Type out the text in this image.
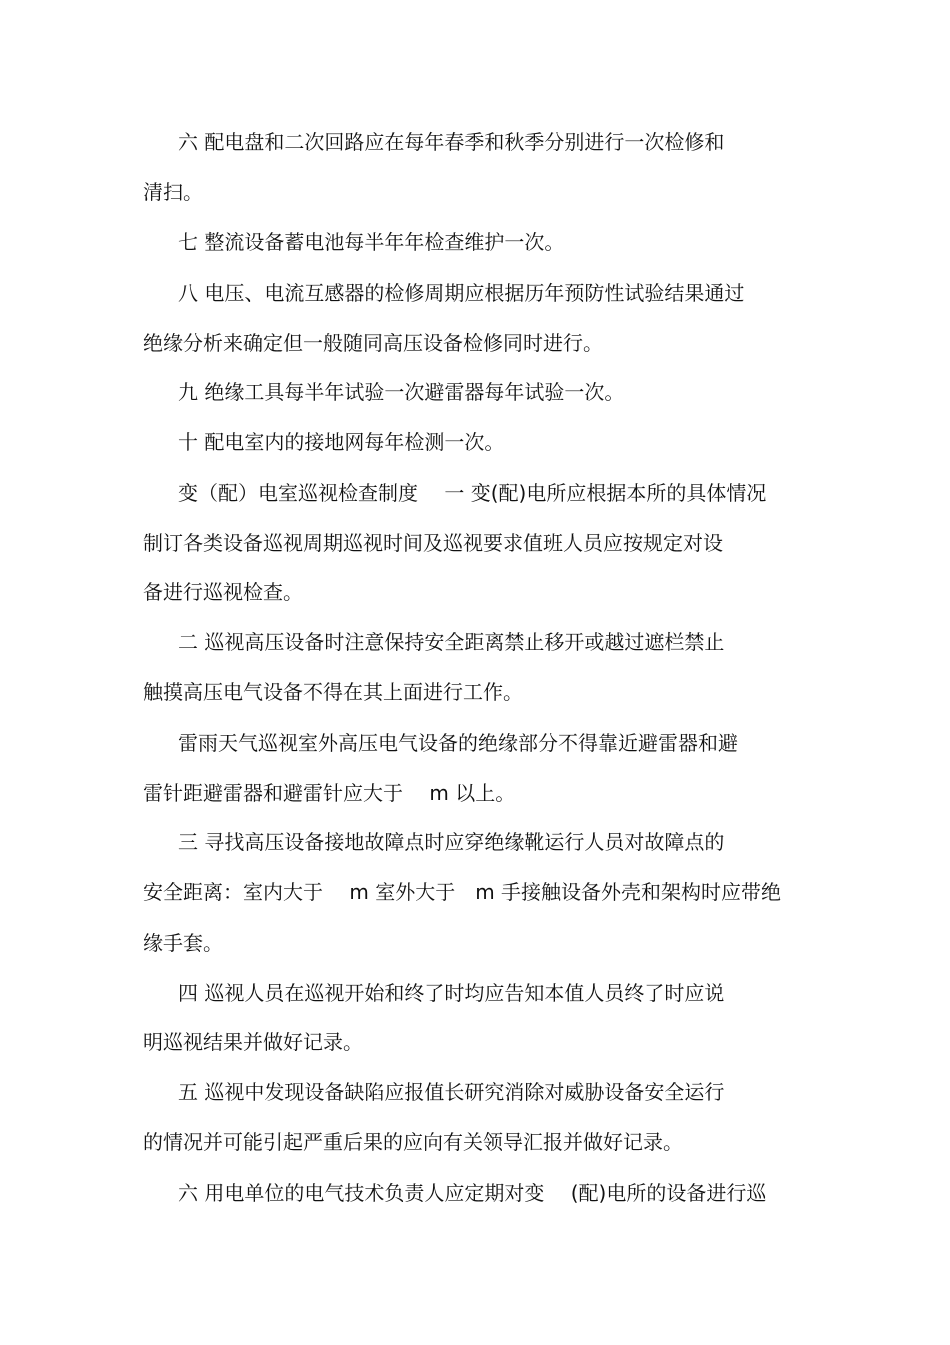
六 配电盘和二次回路应在每年春季和秋季分别进行一次检修和
清扫。
七 整流设备蓄电池每半年年检查维护一次。
八 电压、电流互感器的检修周期应根据历年预防性试验结果通过
绝缘分析来确定但一般随同高压设备检修同时进行。
九 绝缘工具每半年试验一次避雷器每年试验一次。
十 配电室内的接地网每年检测一次。
变（配）电室巡视检查制度　 一 变(配)电所应根据本所的具体情况
制订各类设备巡视周期巡视时间及巡视要求值班人员应按规定对设
备进行巡视检查。
二 巡视高压设备时注意保持安全距离禁止移开或越过遮栏禁止
触摸高压电气设备不得在其上面进行工作。
雷雨天气巡视室外高压电气设备的绝缘部分不得靠近避雷器和避
雷针距避雷器和避雷针应大于　 m 以上。
三 寻找高压设备接地故障点时应穿绝缘靴运行人员对故障点的
安全距离：室内大于　 m 室外大于　m 手接触设备外壳和架构时应带绝
缘手套。
四 巡视人员在巡视开始和终了时均应告知本值人员终了时应说
明巡视结果并做好记录。
五 巡视中发现设备缺陷应报值长研究消除对威胁设备安全运行
的情况并可能引起严重后果的应向有关领导汇报并做好记录。
六 用电单位的电气技术负责人应定期对变　 (配)电所的设备进行巡
